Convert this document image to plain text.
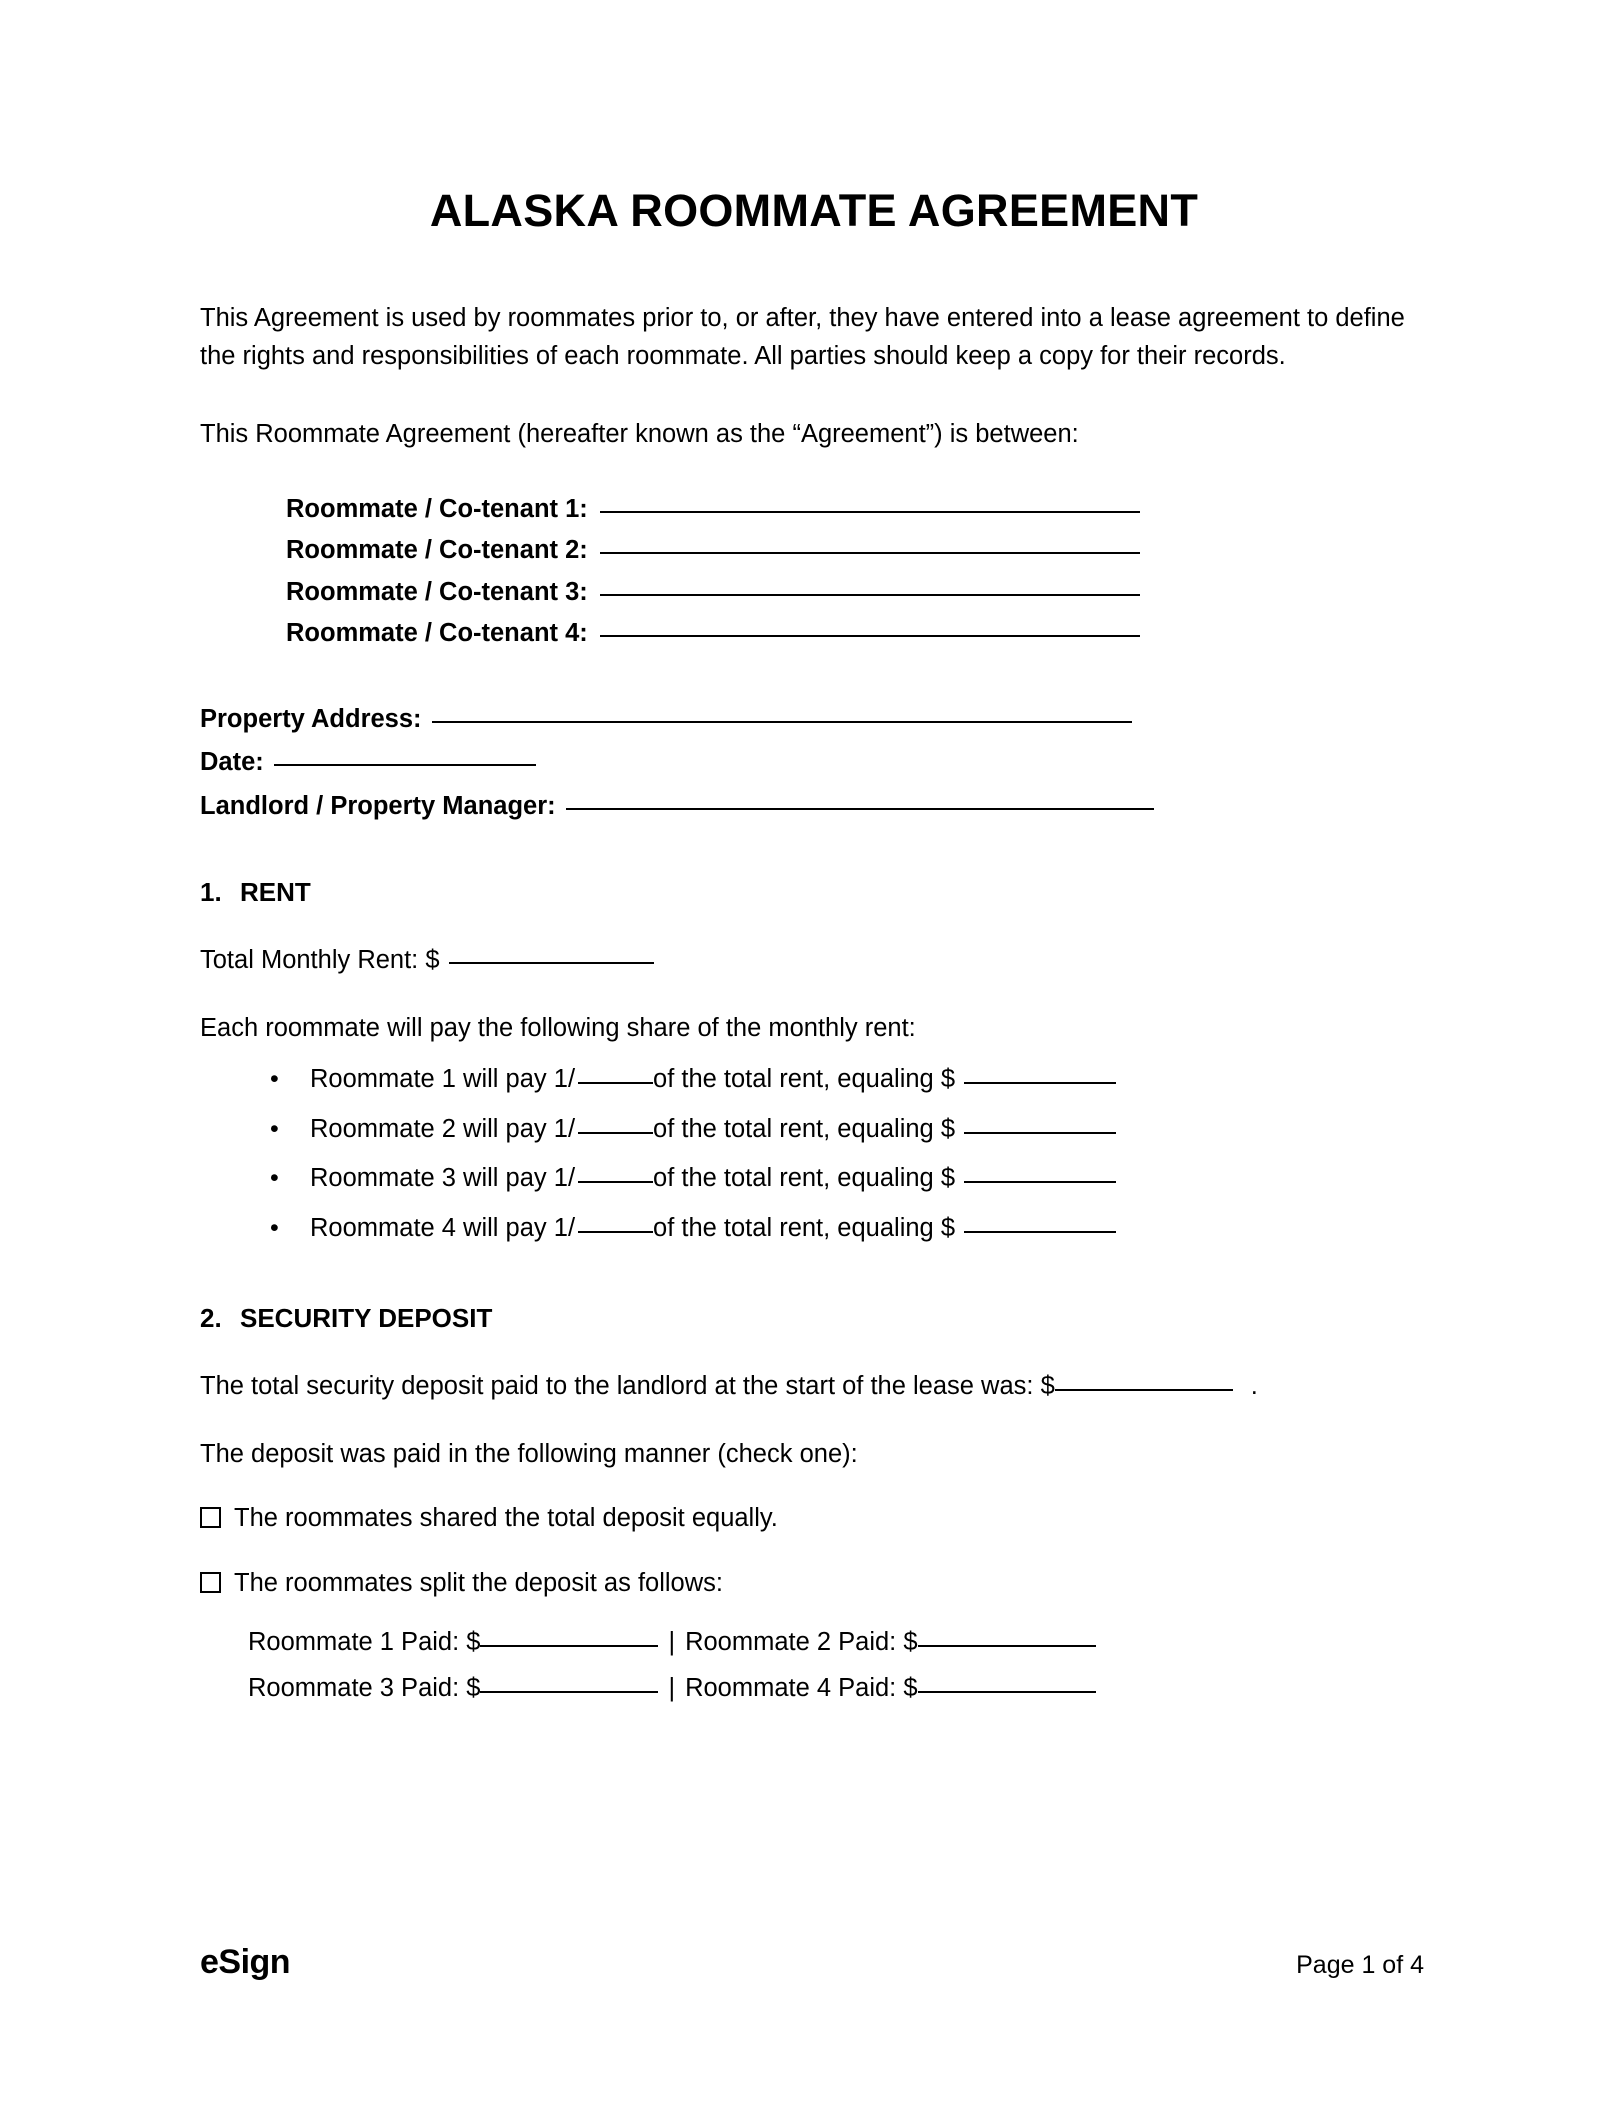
ALASKA ROOMMATE AGREEMENT

This Agreement is used by roommates prior to, or after, they have entered into a lease agreement to define the rights and responsibilities of each roommate. All parties should keep a copy for their records.

This Roommate Agreement (hereafter known as the “Agreement”) is between:

Roommate / Co-tenant 1:
Roommate / Co-tenant 2:
Roommate / Co-tenant 3:
Roommate / Co-tenant 4:
Property Address:
Date:
Landlord / Property Manager:
1. RENT
Total Monthly Rent: $
Each roommate will pay the following share of the monthly rent:
•	Roommate 1 will pay 1/	of the total rent, equaling $
•	Roommate 2 will pay 1/	of the total rent, equaling $
•	Roommate 3 will pay 1/	of the total rent, equaling $
•	Roommate 4 will pay 1/	of the total rent, equaling $
2. SECURITY DEPOSIT
The total security deposit paid to the landlord at the start of the lease was: $	.
The deposit was paid in the following manner (check one):
The roommates shared the total deposit equally.
The roommates split the deposit as follows:
Roommate 1 Paid: $	| Roommate 2 Paid: $
Roommate 3 Paid: $	| Roommate 4 Paid: $
eSign	Page 1 of 4
